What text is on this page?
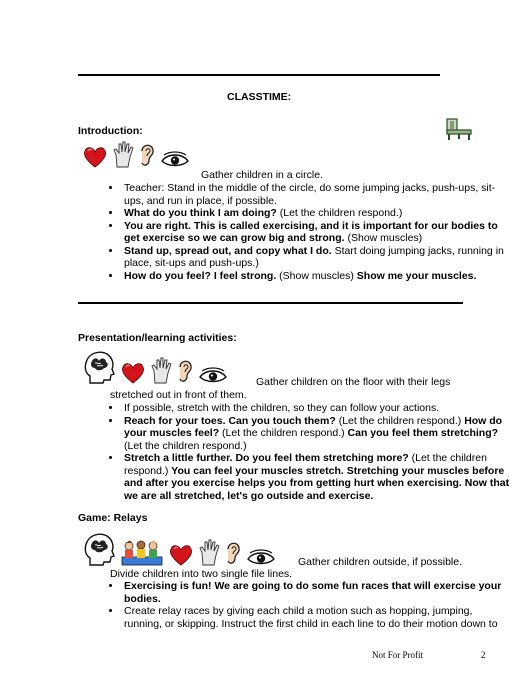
CLASSTIME:
Introduction:
Gather children in a circle.
• Teacher: Stand in the middle of the circle, do some jumping jacks, push-ups, sit-ups, and run in place, if possible.
• What do you think I am doing? (Let the children respond.)
• You are right. This is called exercising, and it is important for our bodies to get exercise so we can grow big and strong. (Show muscles)
• Stand up, spread out, and copy what I do. Start doing jumping jacks, running in place, sit-ups and push-ups.)
• How do you feel? I feel strong. (Show muscles) Show me your muscles.
Presentation/learning activities:
Gather children on the floor with their legs
stretched out in front of them.
• If possible, stretch with the children, so they can follow your actions.
• Reach for your toes. Can you touch them? (Let the children respond.) How do your muscles feel? (Let the children respond.) Can you feel them stretching? (Let the children respond.)
• Stretch a little further. Do you feel them stretching more? (Let the children respond.) You can feel your muscles stretch. Stretching your muscles before and after you exercise helps you from getting hurt when exercising. Now that we are all stretched, let's go outside and exercise.
Game: Relays
Gather children outside, if possible.
Divide children into two single file lines.
• Exercising is fun! We are going to do some fun races that will exercise your bodies.
• Create relay races by giving each child a motion such as hopping, jumping, running, or skipping. Instruct the first child in each line to do their motion down to
Not For Profit	2
